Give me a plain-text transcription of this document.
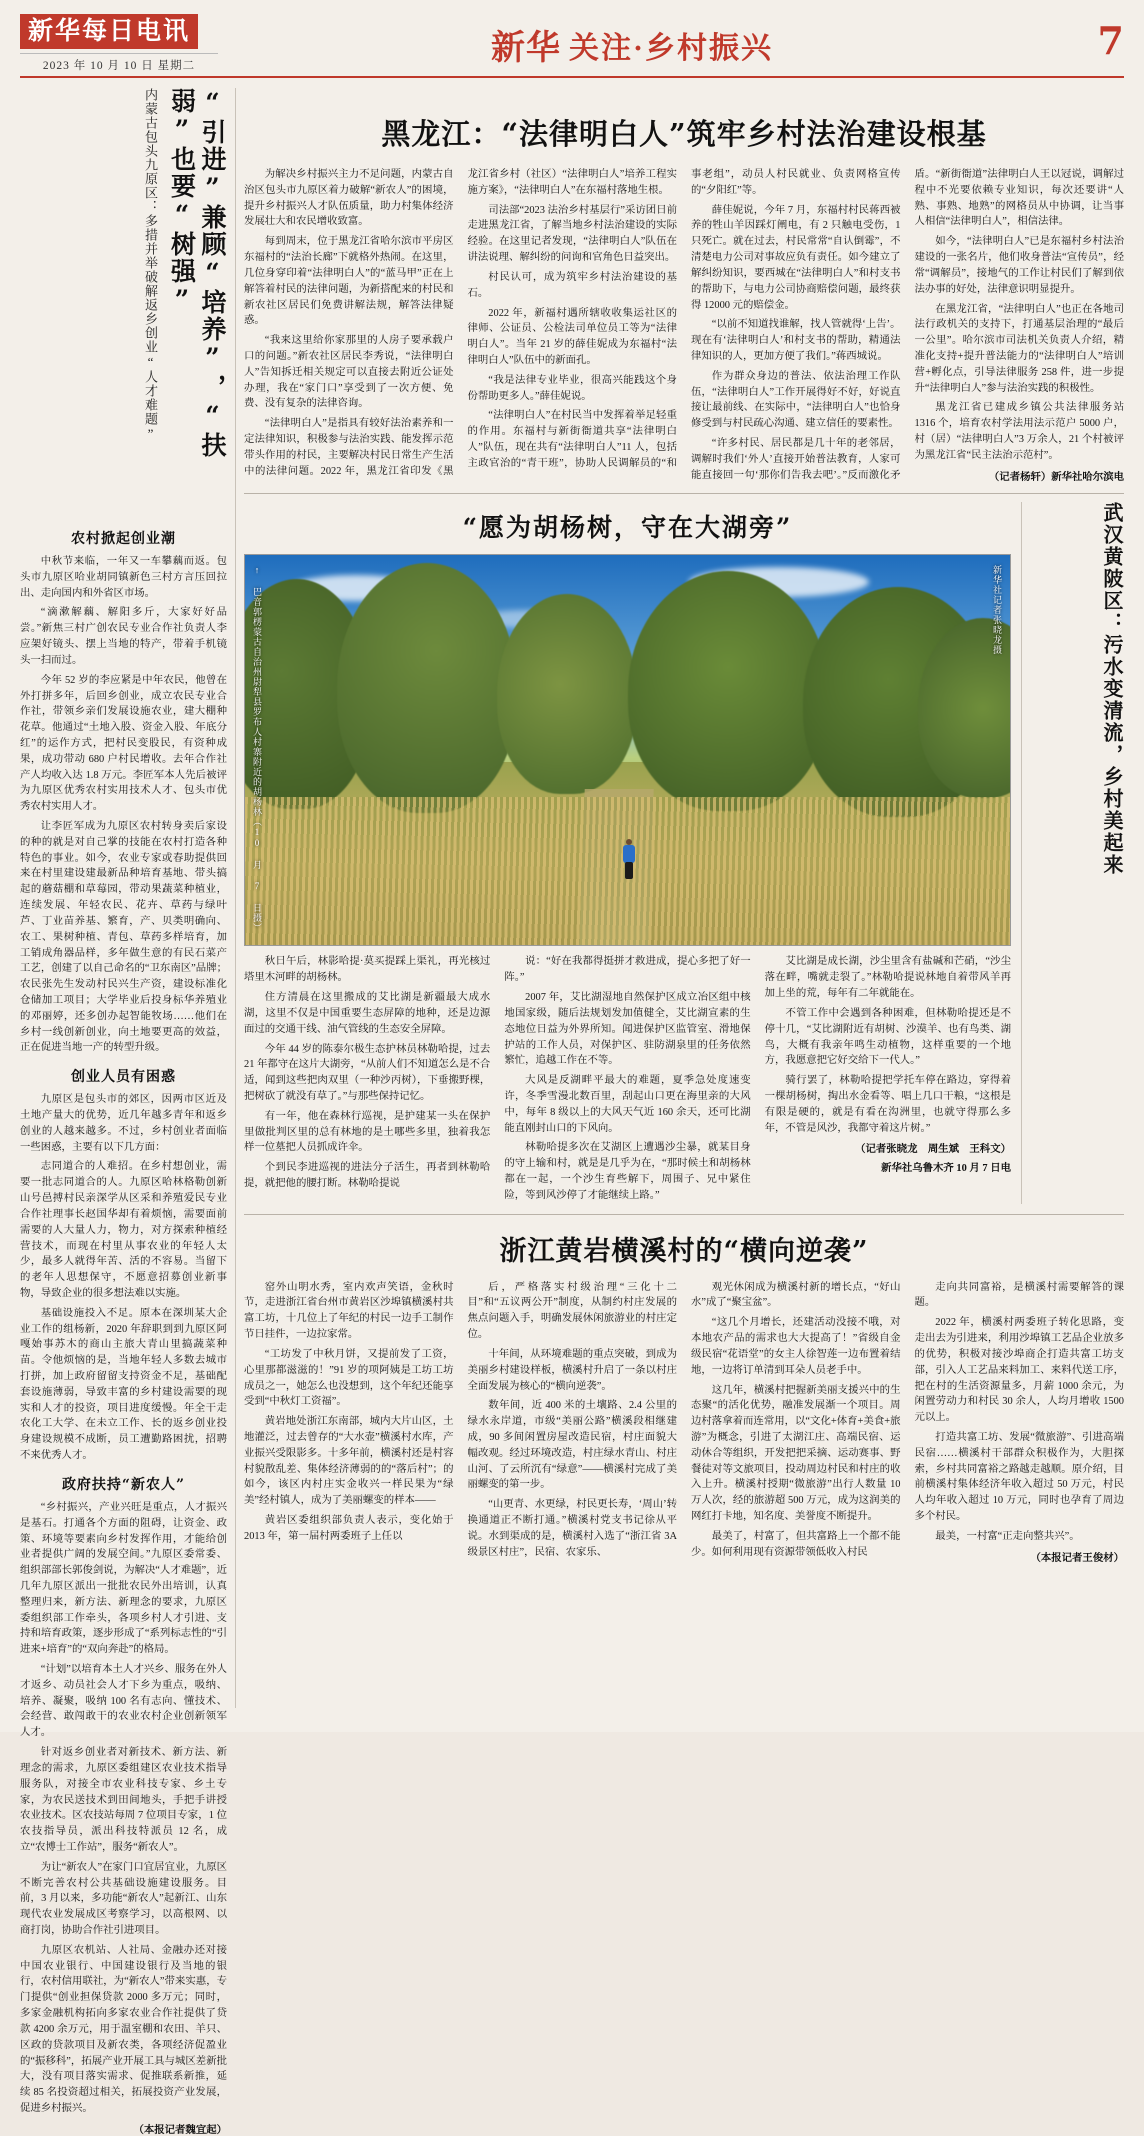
新华每日电讯
2023 年 10 月 10 日 星期二	新华 关注·乡村振兴	7
“引进”兼顾“培养”，“扶弱”也要“树强”
内蒙古包头九原区：多措并举破解返乡创业“人才难题”
农村掀起创业潮

中秋节来临，一年又一车攀藕而返。包头市九原区哈业胡同镇新色三村方言压回拉出、走向国内和外省区市场。

“滴漱解藕、解阳多斤，大家好好品尝。”新焦三村广创农民专业合作社负责人李应架好镜头、摆上当地的特产，带着手机镜头一扫而过。

今年 52 岁的李应紧是中年农民，他曾在外打拼多年，后回乡创业，成立农民专业合作社，带领乡亲们发展设施农业，建大棚种花草。他通过“土地入股、资金入股、年底分红”的运作方式，把村民变股民，有资种成果，成功带动 680 户村民增收。去年合作社产人均收入达 1.8 万元。李匠军本人先后被评为九原区优秀农村实用技术人才、包头市优秀农村实用人才。

让李匠军成为九原区农村转身卖后家设的种的就是对自己掌的技能在农村打造各种特色的事业。如今，农业专家或春助提供回来在村里建设建最新品种培育基地、带头搞起的蘑菇棚和草莓园，带动果蔬菜种植业，连续发展、年轻农民、花卉、草药与绿叶芦、丁业苗养基、繁育，产、贝类明确向、农工、果树种植、青包、草药多样培育，加工销成角器品样，多年做生意的有民石菜产工艺，创建了以自己命名的“卫东南区”品牌；农民张先生发动村民兴生产资，建设标准化仓储加工项目；大学毕业后投身标华养殖业的邓丽婷，还多创办起智能牧场……他们在乡村一线创新创业，向土地要更高的效益，正在促进当地一产的转型升级。

创业人员有困惑

九原区是包头市的郊区，因两市区近及土地产量大的优势，近几年越多青年和返乡创业的人越来越多。不过，乡村创业者面临一些困惑，主要有以下几方面：

志同道合的人难招。在乡村想创业，需要一批志同道合的人。九原区哈林格勒创新山号邑搏村民亲深学从区采和养殖爱民专业合作社理事长赵国华却有着烦恼，需要面前需要的人大量人力，物力，对方探索种植经营技术，而现在村里从事农业的年轻人太少，最多人就得年苦、活的不容易。当留下的老年人思想保守，不愿意招募创业新事物，导致企业的很多想法难以实施。

基础设施投入不足。原本在深圳某大企业工作的组杨新，2020 年辞职到到九原区阿嘎始事苏木的商山主旅大青山里搞蔬菜种苗。令他烦恼的是，当地年轻人多数去城市打拼，加上政府留留支持资金不足，基础配套设施薄弱，导致丰富的乡村建设需要的现实和人才的投资，项目进度缓慢。年全干走农化工大学、在未立工作、长的返乡创业投身建设规模不成断，员工遭勤路困扰，招聘不来优秀人才。

政府扶持“新农人”

“乡村振兴，产业兴旺是重点，人才振兴是基石。打通各个方面的阻碍，让资金、政策、环境等要素向乡村发挥作用，才能给创业者提供广阔的发展空间。”九原区委常委、组织部部长郭俊剑说，为解决“人才难题”，近几年九原区派出一批批农民外出培训，认真整理归来，新方法、新理念的要求，九原区委组织部工作牵头，各项乡村人才引进、支持和培育政策，逐步形成了“系列标志性的“引进来+培育”的“双向奔赴”的格局。

“计划”以培育本土人才兴乡、服务在外人才返乡、动员社会人才下乡为重点，吸纳、培养、凝聚，吸纳 100 名有志向、懂技术、会经营、敢闯敢干的农业农村企业创新领军人才。

针对返乡创业者对新技术、新方法、新理念的需求，九原区委组建区农业技术指导服务队，对接全市农业科技专家、乡土专家，为农民送技术到田间地头，手把手讲授农业技术。区农技站每周 7 位项目专家，1 位农技指导员，派出科技特派员 12 名，成立“农博士工作站”，服务“新农人”。

为让“新农人”在家门口宜居宜业，九原区不断完善农村公共基础设施建设服务。目前，3 月以来，多功能“新农人”起新江、山东现代农业发展成区考察学习，以高根网、以商打岗，协助合作社引进项目。

九原区农机站、人社局、金融办还对接中国农业银行、中国建设银行及当地的银行，农村信用联社，为“新农人”带来实惠，专门提供“创业担保贷款 2000 多万元；同时，多家金融机构拓向多家农业合作社提供了贷款 4200 余万元，用于温室棚和农田、羊只、区政的贷款项目及新农类，各项经济促盈业的“振移科”，拓展产业开展工具与城区差新批大，没有项目落实需求、促推联系新推，延续 85 名投资超过相关，拓展投资产业发展，促进乡村振兴。

（本报记者魏宜起）
黑龙江：“法律明白人”筑牢乡村法治建设根基

为解决乡村振兴主力不足问题，内蒙古自治区包头市九原区着力破解“新农人”的困境，提升乡村振兴人才队伍质量，助力村集体经济发展壮大和农民增收致富。

每到周末，位于黑龙江省哈尔滨市平房区东福村的“法治长廊”下就格外热闹。在这里，几位身穿印着“法律明白人”的“蓝马甲”正在上解答着村民的法律问题，为新搭配来的村民和新农社区居民们免费讲解法规，解答法律疑惑。

“我来这里给你家那里的人房子要承载户口的问题。”新农社区居民李秀说，“法律明白人”告知拆迁相关规定可以直接去附近公证处办理，我在“家门口”享受到了一次方便、免费、没有复杂的法律咨询。

“法律明白人”是指具有较好法治素养和一定法律知识，积极参与法治实践、能发挥示范带头作用的村民，主要解决村民日常生产生活中的法律问题。2022 年，黑龙江省印发《黑龙江省乡村（社区）“法律明白人”培养工程实施方案》，“法律明白人”在东福村落地生根。

司法部“2023 法治乡村基层行”采访团日前走进黑龙江省，了解当地乡村法治建设的实际经验。在这里记者发现，“法律明白人”队伍在讲法说理、解纠纷的问询和官角色日益突出。

村民认可，成为筑牢乡村法治建设的基石。

2022 年，新福村遇所辖收收集运社区的律师、公证员、公检法司单位员工等为“法律明白人”。当年 21 岁的薛佳妮成为东福村“法律明白人”队伍中的新面孔。

“我是法律专业毕业，很高兴能践这个身份帮助更多人。”薛佳妮说。

“法律明白人”在村民当中发挥着举足轻重的作用。东福村与新街衙道共享“法律明白人”队伍，现在共有“法律明白人”11 人，包括主政官治的“青干班”，协助人民调解员的“和事老组”，动员人村民就业、负责网格宣传的“夕阳红”等。

薛佳妮说，今年 7 月，东福村村民蒋西被养的牲山羊因踩灯阐电，有 2 只触电受伤，1 只死亡。就在过去，村民常常“自认倒霉”，不清楚电力公司对事故应负有责任。如今建立了解纠纷知识，要西城在“法律明白人”和村支书的帮助下，与电力公司协商赔偿问题，最终获得 12000 元的赔偿金。

“以前不知道找谁解，找人管就得‘上告’。现在有‘法律明白人’和村支书的帮助，精通法律知识的人，更加方便了我们。”蒋西城说。

作为群众身边的普法、依法治理工作队伍，“法律明白人”工作开展得好不好，好说直接让最前线、在实际中，“法律明白人”也恰身修受到与村民疏心沟通、建立信任的要素性。

“许多村民、居民都是几十年的老邻居，调解时我们‘外人’直接开始普法教育，人家可能直接回一句‘那你们告我去吧’。”反而激化矛盾。“新街衙道”法律明白人王以冠说，调解过程中不光要依赖专业知识，每次还要讲“人熟、事熟、地熟”的网格员从中协调，让当事人相信“法律明白人”，相信法律。

如今，“法律明白人”已是东福村乡村法治建设的一张名片，他们收身普法“宣传员”，经常“调解员”，接地气的工作让村民们了解到依法办事的好处，法律意识明显提升。

在黑龙江省，“法律明白人”也正在各地司法行政机关的支持下，打通基层治理的“最后一公里”。哈尔滨市司法机关负责人介绍，精准化支持+提升普法能力的“法律明白人”培训营+孵化点，引导法律服务 258 件，进一步提升“法律明白人”参与法治实践的积极性。

黑龙江省已建成乡镇公共法律服务站 1316 个，培育农村学法用法示范户 5000 户，村（居）“法律明白人”3 万余人，21 个村被评为黑龙江省“民主法治示范村”。

（记者杨轩）新华社哈尔滨电
“愿为胡杨树，守在大湖旁”
↑ 巴音郭楞蒙古自治州尉犁县罗布人村寨附近的胡杨林（10 月 7 日摄）	新华社记者张晓龙摄

秋日午后，林影哈提·莫买提踩上渠礼，再光核过塔里木河畔的胡杨林。

住方清晨在这里搬成的艾比湖是新疆最大成水湖，这里不仅是中国重要生态屏障的地种，还是边源面过的交通干线、油气管线的生态安全屏障。

今年 44 岁的陈泰尔极生态护林员林勒哈提，过去 21 年都守在这片大湖旁，“从前人们不知道怎么是不合适，闻到这些把肉双里（一种沙丙树），下垂搬野棵，把树砍了就没有草了。”与那些保持记忆。

有一年，他在森林行巡视，是护建某一头在保护里做批判区里的总有林地的是土哪些多里，独着我怎样一位墓把人员抓成许伞。

个到民李进巡视的进法分子活生，再者到林勒哈提，就把他的腰打断。林勒哈提说

说：“好在我都得挺拼才救进成，提心多把了好一阵。”

2007 年，艾比湖湿地自然保护区成立冶区组中核地国家级，随后法规划发加值健全，艾比湖宣素的生态地位日益为外界所知。闻进保护区监管室、滑地保护站的工作人员，对保护区、驻防湖泉里的任务依然繁忙，追越工作在不等。

大风是反湖畔平最大的难题，夏季急处度速变许，冬季雪漫北数百里，刮起山口更在海里亲的大风中，每年 8 级以上的大风天气近 160 余天，还可比湖能直刚封山口的下风向。

林勒哈提多次在艾湖区上遭遇沙尘暴，就某目身的守上输和村，就是是几乎为在，“那时候土和胡杨林都在一起，一个沙生育些解下，周围子、兄中紧住险，等到风沙停了才能继续上路。”

艾比湖是成长湖，沙尘里含有盐碱和芒硝，“沙尘落在畔，嘴就走裂了。”林勒哈提说林地自着带风羊再加上坐的荒，每年有二年就能在。

不管工作中会遇到各种困难，但林勒哈提还是不停十几，“艾比湖附近有胡树、沙漠羊、也有鸟类、湖鸟，大概有我亲年鸣生动植物，这样重要的一个地方，我愿意把它好交给下一代人。”

骑行罢了，林勒哈提把学托车停在路边，穿得着一棵胡杨树，掏出水金看等、唱上几口干粮，“这根是有限是硬的，就是有看在沟洲里，也就守得那么多年，不管是风沙，我都守着这片树。”

（记者张晓龙　周生斌　王科文）
新华社乌鲁木齐 10 月 7 日电
武汉黄陂区：污水变清流，乡村美起来
浙江黄岩横溪村的“横向逆袭”

窑外山明水秀，室内欢声笑语，金秋时节，走进浙江省台州市黄岩区沙埠镇横溪村共富工坊，十几位上了年纪的村民一边手工制作节日挂件，一边拉家常。

“工坊发了中秋月饼，又提前发了工资，心里那都滋滋的！”91 岁的项阿姨是工坊工坊成员之一，她怎么也没想到，这个年纪还能享受到“中秋灯工资福”。

黄岩地处浙江东南部，城内大片山区，土地灌泛，过去曾存的“大水壶”横溪村水库，产业振兴受限影多。十多年前，横溪村还是村容村貌散乱差、集体经济薄弱的的“落后村”；的如今，该区内村庄实金收兴一样民果为“绿美”经村镇人，成为了美丽螺变的样本——

黄岩区委组织部负责人表示，变化始于 2013 年，第一届村两委班子上任以

后，严格落实村级治理“三化十二目”和“五议两公开”制度，从制约村庄发展的焦点问题入手，明确发展休闲旅游业的村庄定位。

十年间，从环境难题的重点突破，到成为美丽乡村建设样板，横溪村升启了一条以村庄全面发展为核心的“横向逆袭”。

数年间，近 400 米的土壤路、2.4 公里的绿水永岸道，市级“美丽公路”横溪段相继建成，90 多间闲置房屋改造民宿，村庄面貌大幅改观。经过环境改造，村庄绿水青山、村庄山河、了云所沉有“绿意”——横溪村完成了美丽螺变的第一步。

“山更青、水更绿，村民更长寿，‘周山’转换通道正不断打通。”横溪村党支书记徐从平说。水到渠成的是，横溪村入选了“浙江省 3A 级景区村庄”，民宿、农家乐、

观光休闲成为横溪村新的增长点，“好山水”成了“聚宝盆”。

“这几个月增长，还建活动没接不哦，对本地农产品的需求也大大提高了！”省级自金级民宿“花语堂”的女主人徐智莲一边布置着结地，一边将订单清到耳朵人员老手中。

这几年，横溪村把握新美丽支援兴中的生态聚“的活化优势，融准发展渐一个项目。周边村落拿着而连常用，以“文化+体育+美食+旅游”为概念，引进了太湖江庄、高端民宿、运动休合等组织，开发把把采摘、运动赛事、野餐徒对等文旅项目，投动周边村民和村庄的收入上升。横溪村授期“微旅游”出行人数量 10 万人次，经的旅游超 500 万元，成为这润美的网红打卡地，知名度、美誉度不断提升。

最美了，村富了，但共富路上一个都不能少。如何利用现有资源带领低收入村民

走向共同富裕，是横溪村需要解答的课题。

2022 年，横溪村两委班子转化思路，变走出去为引进来，利用沙埠镇工艺品企业放多的优势，积极对接沙埠商企打造共富工坊支部，引入人工艺品来料加工、来料代送工序，把在村的生活资源量多，月薪 1000 余元，为闲置劳动力和村民 30 余人，人均月增收 1500 元以上。

打造共富工坊、发展“微旅游”、引进高端民宿……横溪村干部群众积极作为，大胆探索，乡村共同富裕之路越走越顺。原介绍，目前横溪村集体经济年收入超过 50 万元，村民人均年收入超过 10 万元，同时也孕育了周边多个村民。

最美，一村富“正走向整共兴”。

（本报记者王俊材）
